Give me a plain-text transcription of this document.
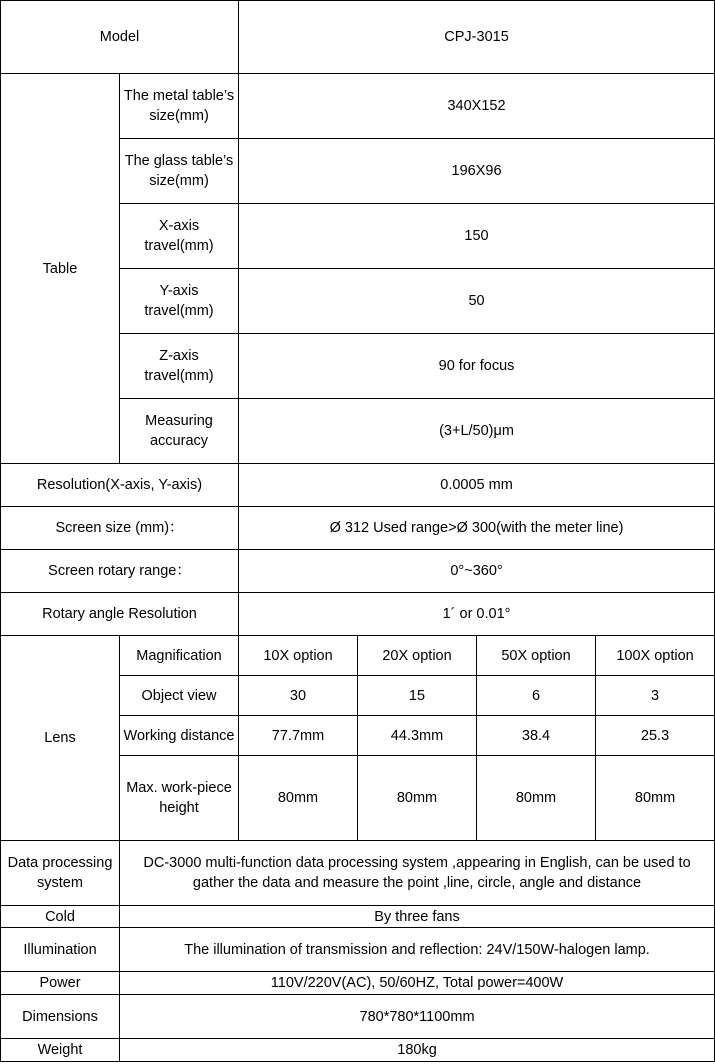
Model		CPJ-3015			
Table	The metal table’s size(mm)	340X152			
	The glass table’s size(mm)	196X96			
	X-axis travel(mm)	150			
	Y-axis travel(mm)	50			
	Z-axis travel(mm)	90 for focus			
	Measuring accuracy	(3+L/50)μm			
Resolution(X-axis, Y-axis)		0.0005 mm			
Screen size (mm)：		Ø 312 Used range>Ø 300(with the meter line)			
Screen rotary range：		0°~360°			
Rotary angle Resolution		1´ or 0.01°			
Lens	Magnification	10X option	20X option	50X option	100X option
	Object view	30	15	6	3
	Working distance	77.7mm	44.3mm	38.4	25.3
	Max. work-piece height	80mm	80mm	80mm	80mm
Data processing system	DC-3000 multi-function data processing system ,appearing in English, can be used to gather the data and measure the point ,line, circle, angle and distance				
Cold	By three fans				
Illumination	The illumination of transmission and reflection: 24V/150W-halogen lamp.				
Power	110V/220V(AC), 50/60HZ, Total power=400W				
Dimensions	780*780*1100mm				
Weight	180kg				
